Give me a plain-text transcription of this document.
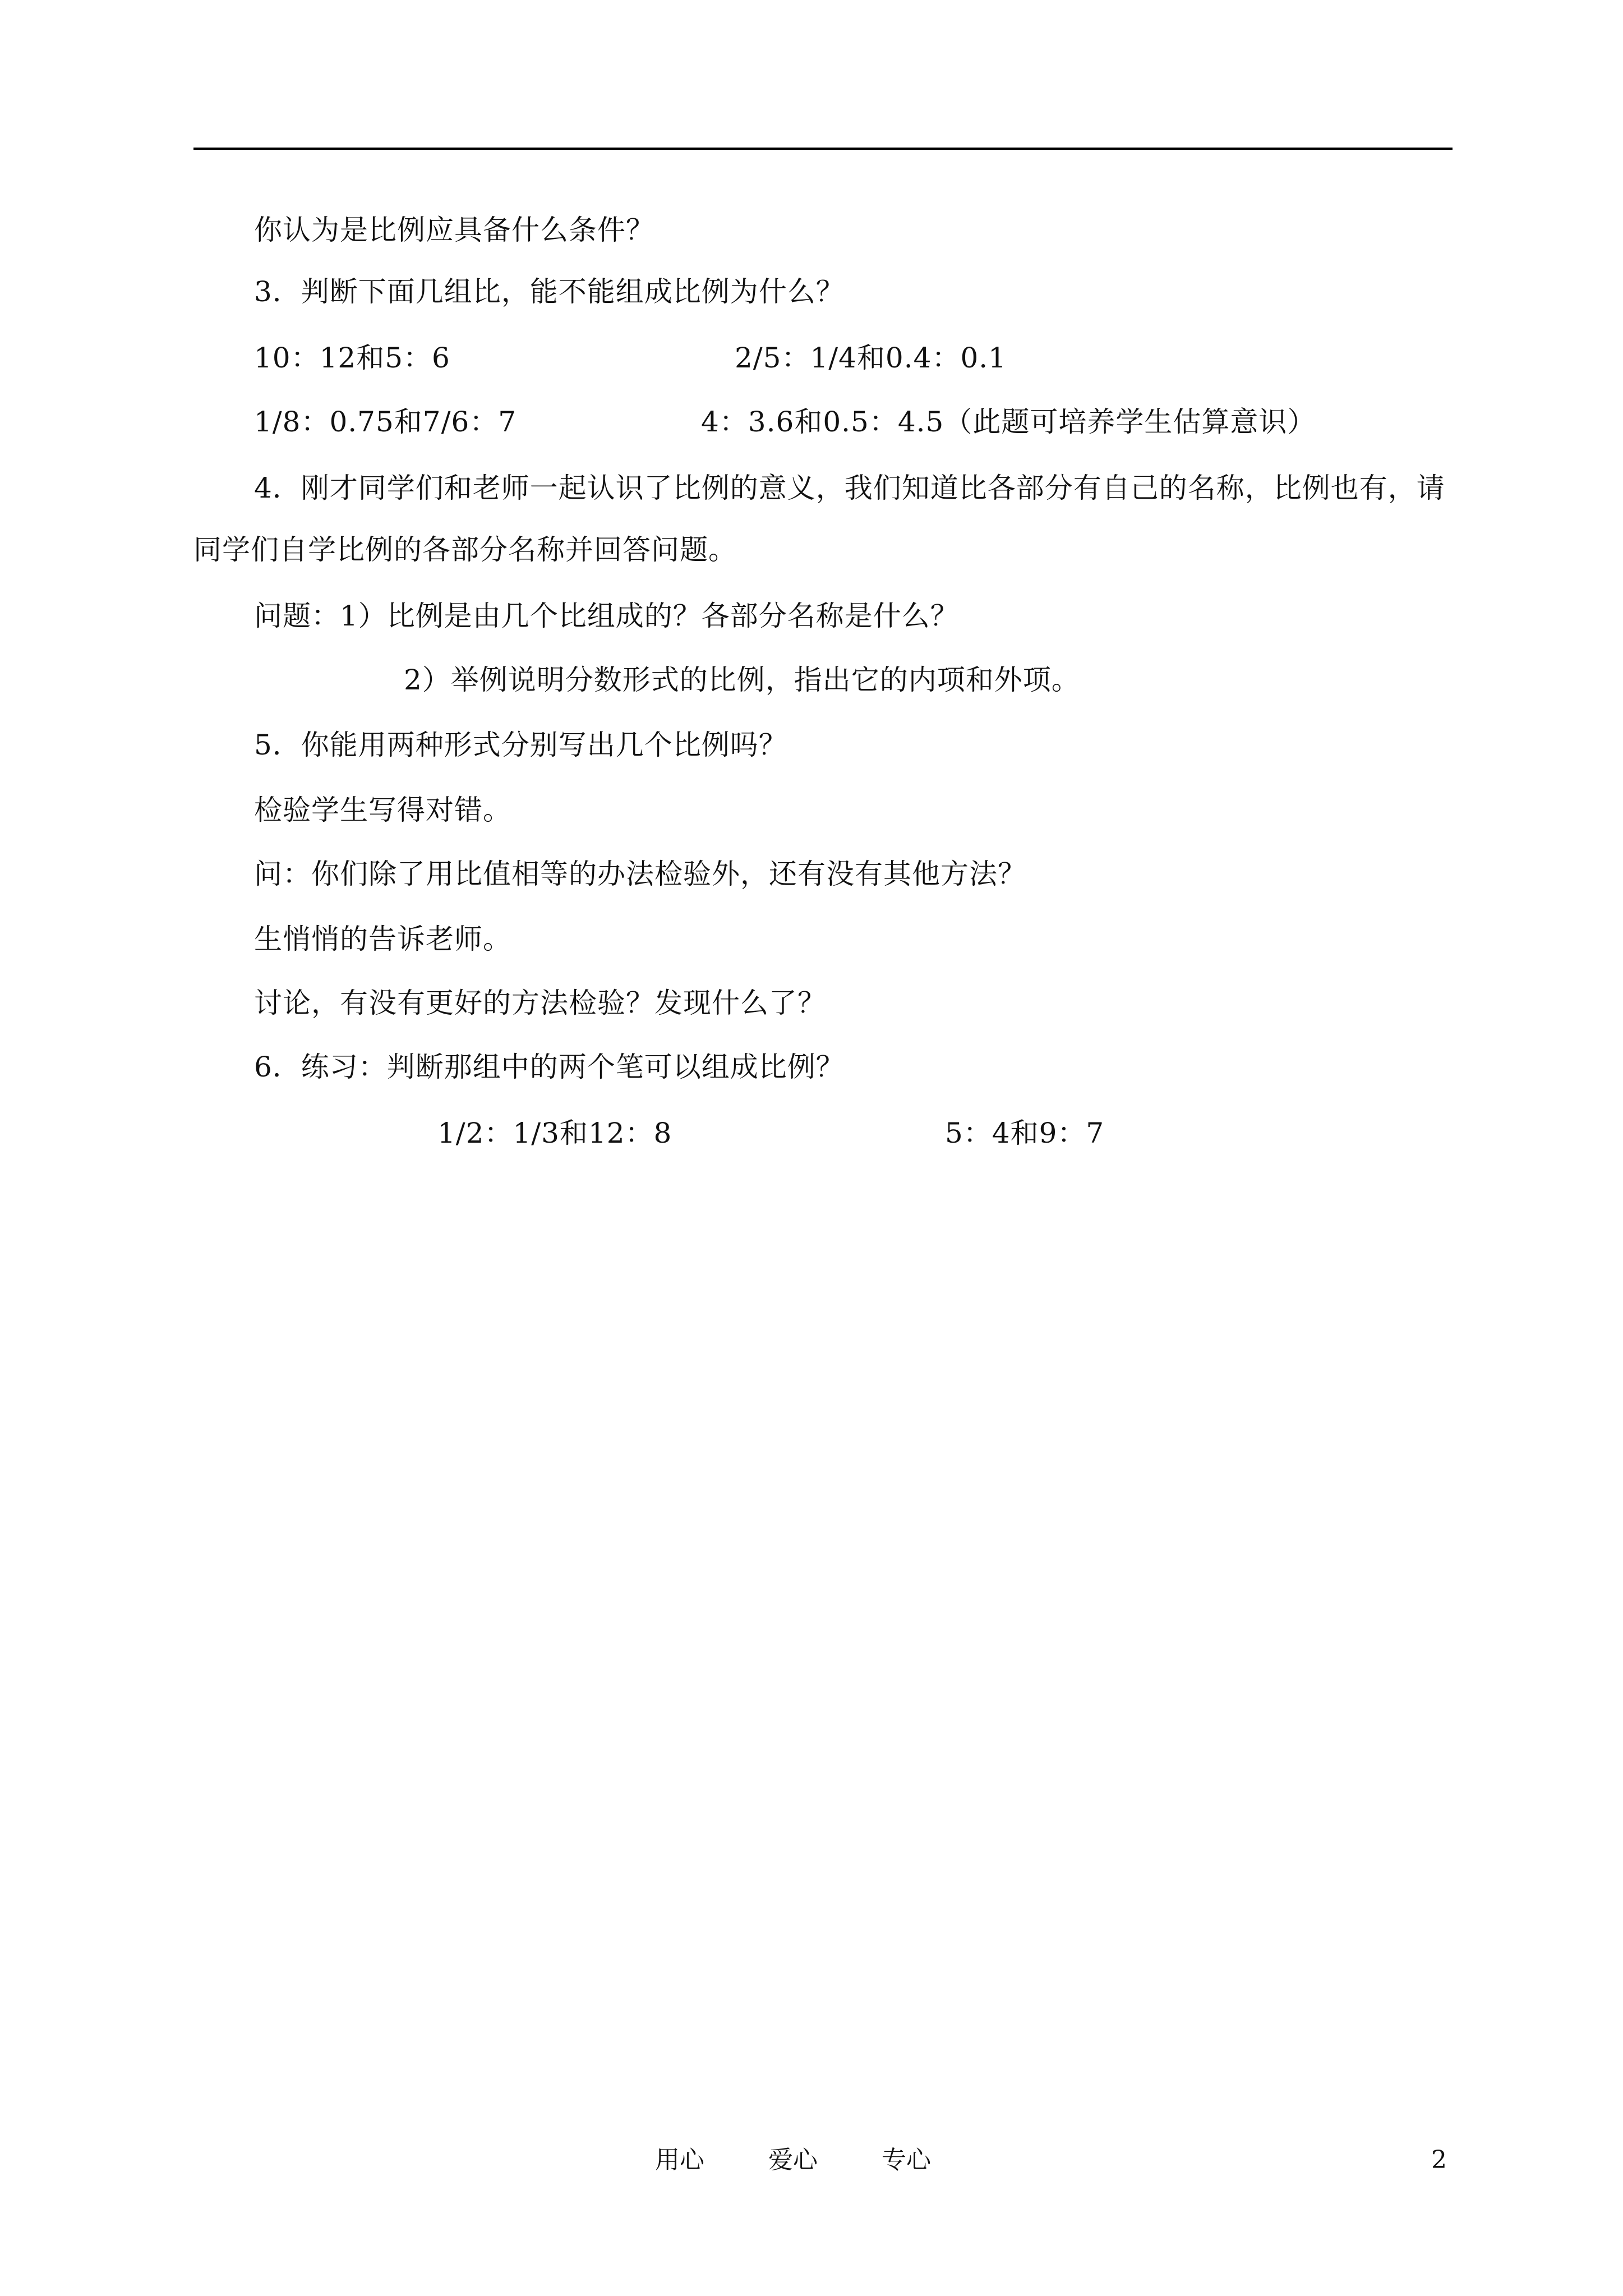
你认为是比例应具备什么条件？
3．判断下面几组比，能不能组成比例为什么？
10：12和5：6	2/5：1/4和0.4：0.1
1/8：0.75和7/6：7	4：3.6和0.5：4.5（此题可培养学生估算意识）
4．刚才同学们和老师一起认识了比例的意义，我们知道比各部分有自己的名称，比例也有，请
同学们自学比例的各部分名称并回答问题。
问题：1）比例是由几个比组成的？各部分名称是什么？
2）举例说明分数形式的比例，指出它的内项和外项。
5．你能用两种形式分别写出几个比例吗？
检验学生写得对错。
问：你们除了用比值相等的办法检验外，还有没有其他方法？
生悄悄的告诉老师。
讨论，有没有更好的方法检验？发现什么了？
6．练习：判断那组中的两个笔可以组成比例？
1/2：1/3和12：8	5：4和9：7
用心	爱心	专心	2
